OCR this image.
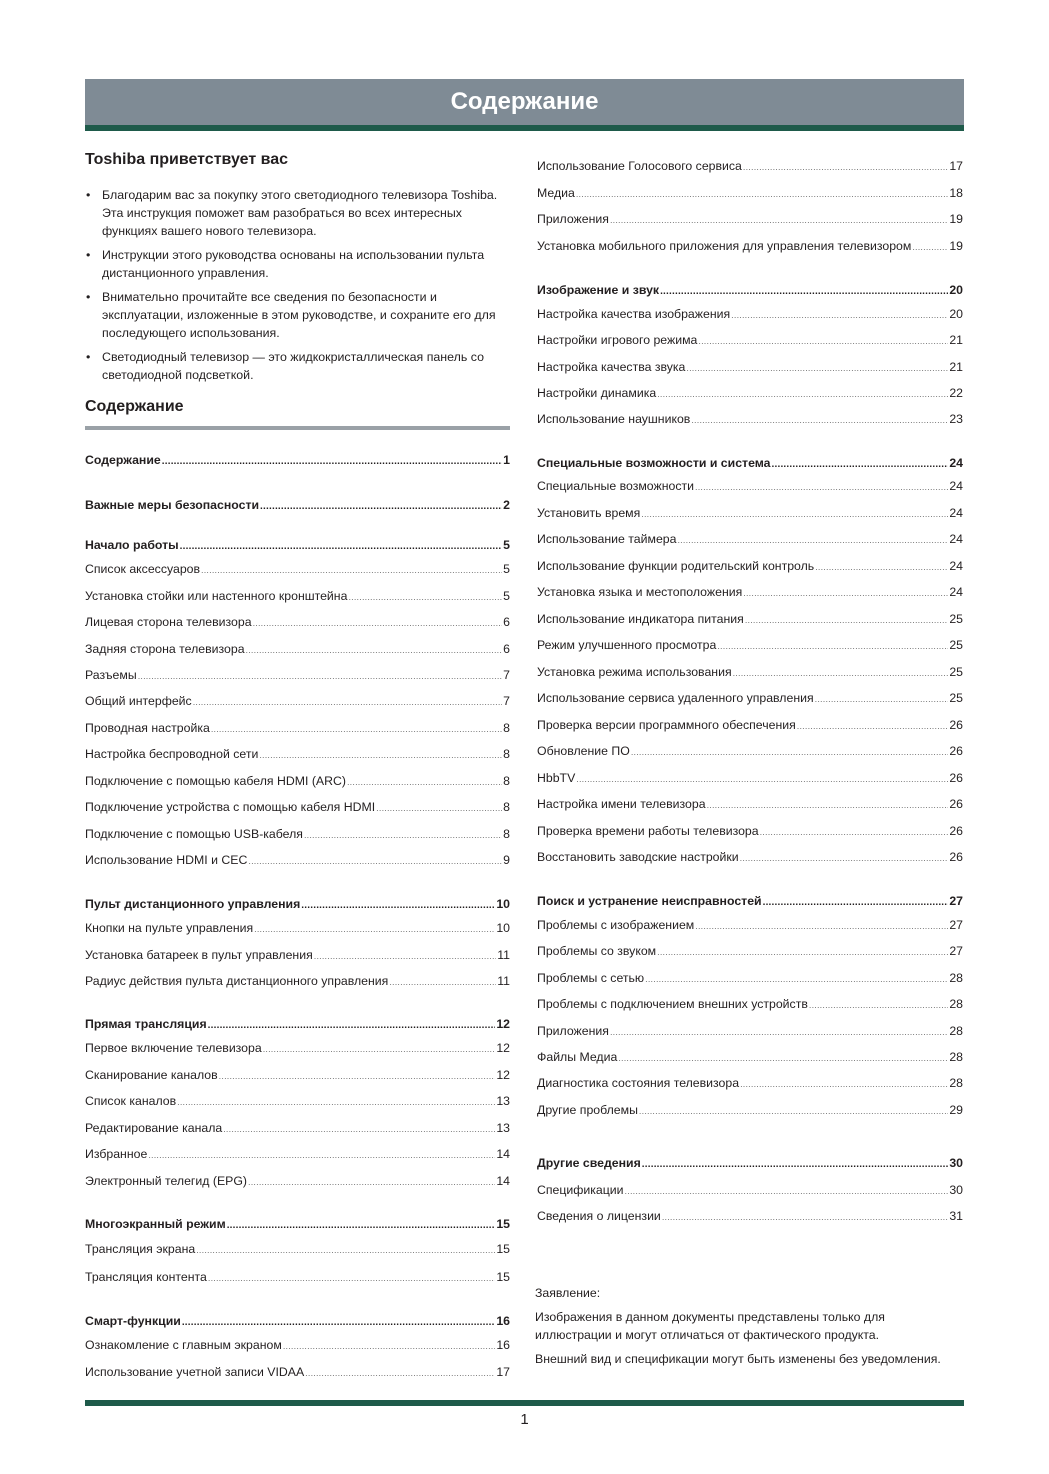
Содержание
Toshiba приветствует вас
• Благодарим вас за покупку этого светодиодного телевизора Toshiba. Эта инструкция поможет вам разобраться во всех интересных функциях вашего нового телевизора.
• Инструкции этого руководства основаны на использовании пульта дистанционного управления.
• Внимательно прочитайте все сведения по безопасности и эксплуатации, изложенные в этом руководстве, и сохраните его для последующего использования.
• Светодиодный телевизор — это жидкокристаллическая панель со светодиодной подсветкой.
Содержание
Содержание .....	1
Важные меры безопасности .....	2
Начало работы .....	5
Список аксессуаров .....	5
Установка стойки или настенного кронштейна .....	5
Лицевая сторона телевизора .....	6
Задняя сторона телевизора .....	6
Разъемы .....	7
Общий интерфейс .....	7
Проводная настройка .....	8
Настройка беспроводной сети .....	8
Подключение с помощью кабеля HDMI (ARC) .....	8
Подключение устройства с помощью кабеля HDMI .....	8
Подключение с помощью USB-кабеля .....	8
Использование HDMI и CEC .....	9
Пульт дистанционного управления .....	10
Кнопки на пульте управления .....	10
Установка батареек в пульт управления .....	11
Радиус действия пульта дистанционного управления .....	11
Прямая трансляция .....	12
Первое включение телевизора .....	12
Сканирование каналов .....	12
Список каналов .....	13
Редактирование канала .....	13
Избранное .....	14
Электронный телегид (EPG) .....	14
Многоэкранный режим .....	15
Трансляция экрана .....	15
Трансляция контента .....	15
Смарт-функции .....	16
Ознакомление с главным экраном .....	16
Использование учетной записи VIDAA .....	17
Использование Голосового сервиса .....	17
Медиа .....	18
Приложения .....	19
Установка мобильного приложения для управления телевизором .....	19
Изображение и звук .....	20
Настройка качества изображения .....	20
Настройки игрового режима .....	21
Настройка качества звука .....	21
Настройки динамика .....	22
Использование наушников .....	23
Специальные возможности и система .....	24
Специальные возможности .....	24
Установить время .....	24
Использование таймера .....	24
Использование функции родительский контроль .....	24
Установка языка и местоположения .....	24
Использование индикатора питания .....	25
Режим улучшенного просмотра .....	25
Установка режима использования .....	25
Использование сервиса удаленного управления .....	25
Проверка версии программного обеспечения .....	26
Обновление ПО .....	26
HbbTV .....	26
Настройка имени телевизора .....	26
Проверка времени работы телевизора .....	26
Восстановить заводские настройки .....	26
Поиск и устранение неисправностей .....	27
Проблемы с изображением .....	27
Проблемы со звуком .....	27
Проблемы с сетью .....	28
Проблемы с подключением внешних устройств .....	28
Приложения .....	28
Файлы Медиа .....	28
Диагностика состояния телевизора .....	28
Другие проблемы .....	29
Другие сведения .....	30
Спецификации .....	30
Сведения о лицензии .....	31

Заявление:

Изображения в данном документы представлены только для иллюстрации и могут отличаться от фактического продукта.

Внешний вид и спецификации могут быть изменены без уведомления.

1
